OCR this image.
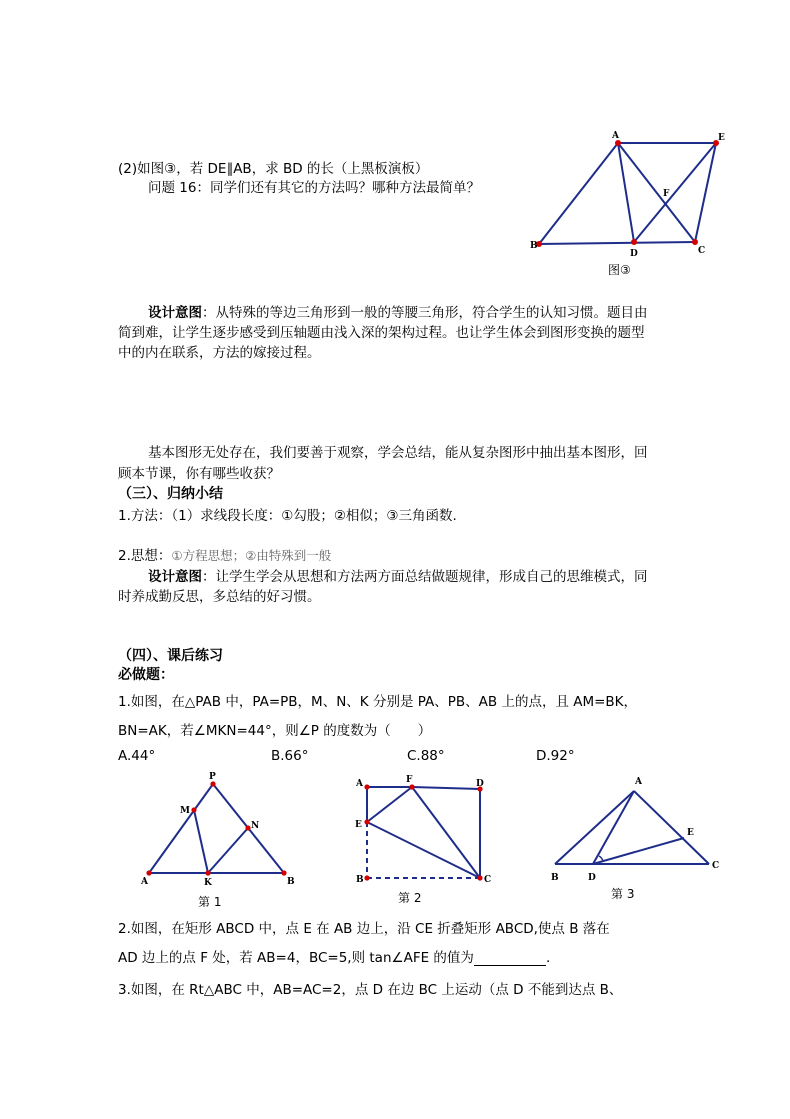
(2)如图③，若 DE∥AB，求 BD 的长（上黑板演板）
问题 16：同学们还有其它的方法吗？哪种方法最简单？
A	E
F
B
D	C
图③
设计意图：从特殊的等边三角形到一般的等腰三角形，符合学生的认知习惯。题目由
简到难，让学生逐步感受到压轴题由浅入深的架构过程。也让学生体会到图形变换的题型
中的内在联系，方法的嫁接过程。
基本图形无处存在，我们要善于观察，学会总结，能从复杂图形中抽出基本图形，回
顾本节课，你有哪些收获？
（三）、归纳小结
1.方法：（1）求线段长度：①勾股；②相似；③三角函数.
2.思想：①方程思想；②由特殊到一般
设计意图：让学生学会从思想和方法两方面总结做题规律，形成自己的思维模式，同
时养成勤反思，多总结的好习惯。
（四）、课后练习
必做题：
1.如图，在△PAB 中，PA=PB，M、N、K 分别是 PA、PB、AB 上的点，且 AM=BK，
BN=AK，若∠MKN=44°，则∠P 的度数为（　　）
A.44°	B.66°	C.88°	D.92°
P
M
N
A	K	B
第 1
A	F	D
E
B	C
第 2
A
E
B	D
C
第 3
2.如图，在矩形 ABCD 中，点 E 在 AB 边上，沿 CE 折叠矩形 ABCD,使点 B 落在
AD 边上的点 F 处，若 AB=4，BC=5,则 tan∠AFE 的值为	.
3.如图，在 Rt△ABC 中，AB=AC=2，点 D 在边 BC 上运动（点 D 不能到达点 B、
